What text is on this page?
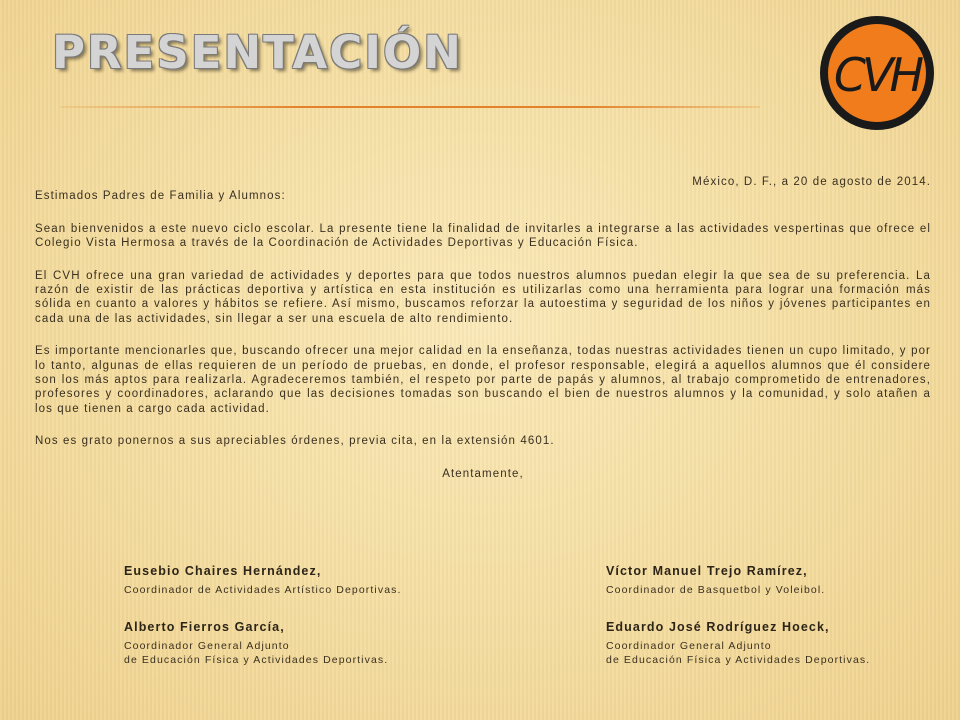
PRESENTACIÓN	CVH

México, D. F., a 20 de agosto de 2014.

Estimados Padres de Familia y Alumnos:

Sean bienvenidos a este nuevo ciclo escolar. La presente tiene la finalidad de invitarles a integrarse a las actividades vespertinas que ofrece el Colegio Vista Hermosa a través de la Coordinación de Actividades Deportivas y Educación Física.

El CVH ofrece una gran variedad de actividades y deportes para que todos nuestros alumnos puedan elegir la que sea de su preferencia. La razón de existir de las prácticas deportiva y artística en esta institución es utilizarlas como una herramienta para lograr una formación más sólida en cuanto a valores y hábitos se refiere. Así mismo, buscamos reforzar la autoestima y seguridad de los niños y jóvenes participantes en cada una de las actividades, sin llegar a ser una escuela de alto rendimiento.

Es importante mencionarles que, buscando ofrecer una mejor calidad en la enseñanza, todas nuestras actividades tienen un cupo limitado, y por lo tanto, algunas de ellas requieren de un período de pruebas, en donde, el profesor responsable, elegirá a aquellos alumnos que él considere son los más aptos para realizarla. Agradeceremos también, el respeto por parte de papás y alumnos, al trabajo comprometido de entrenadores, profesores y coordinadores, aclarando que las decisiones tomadas son buscando el bien de nuestros alumnos y la comunidad, y solo atañen a los que tienen a cargo cada actividad.

Nos es grato ponernos a sus apreciables órdenes, previa cita, en la extensión 4601.

Atentamente,

Eusebio Chaires Hernández,
Coordinador de Actividades Artístico Deportivas.
Víctor Manuel Trejo Ramírez,
Coordinador de Basquetbol y Voleibol.
Alberto Fierros García,
Coordinador General Adjunto
de Educación Física y Actividades Deportivas.
Eduardo José Rodríguez Hoeck,
Coordinador General Adjunto
de Educación Física y Actividades Deportivas.
